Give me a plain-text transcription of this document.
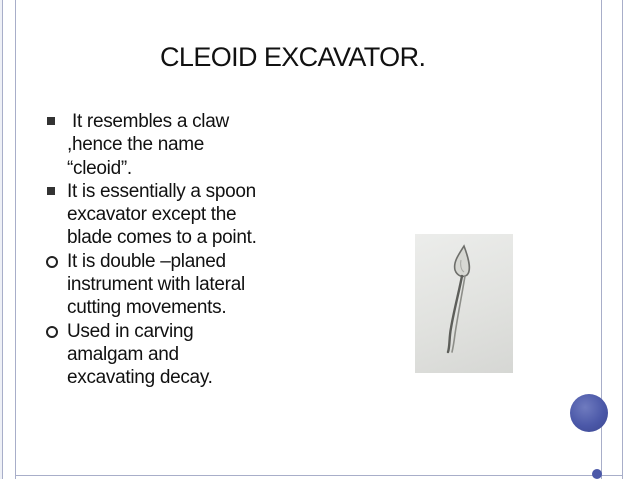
CLEOID EXCAVATOR.
It resembles a claw
,hence the name
“cleoid”.
It is essentially a spoon
excavator except the
blade comes to a point.
It is double –planed
instrument with lateral
cutting movements.
Used in carving
amalgam and
excavating decay.
